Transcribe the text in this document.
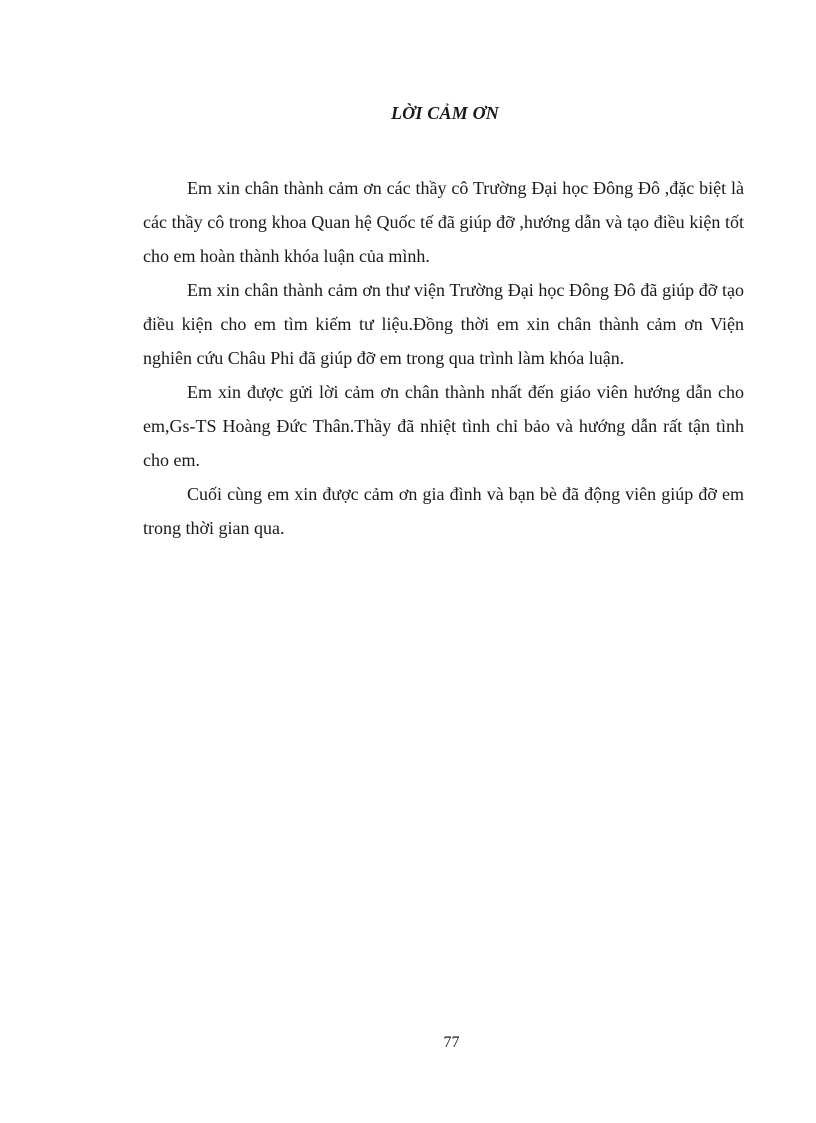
LỜI CẢM ƠN

Em xin chân thành cảm ơn các thầy cô Trường Đại học Đông Đô ,đặc biệt là các thầy cô trong khoa Quan hệ Quốc tế đã giúp đỡ ,hướng dẫn và tạo điều kiện tốt cho em hoàn thành khóa luận của mình.

Em xin chân thành cảm ơn thư viện Trường Đại học Đông Đô đã giúp đỡ tạo điều kiện cho em tìm kiếm tư liệu.Đồng thời em xin chân thành cảm ơn Viện nghiên cứu Châu Phi đã giúp đỡ em trong qua trình làm khóa luận.

Em xin được gửi lời cảm ơn chân thành nhất đến giáo viên hướng dẫn cho em,Gs-TS Hoàng Đức Thân.Thầy đã nhiệt tình chỉ bảo và hướng dẫn rất tận tình cho em.

Cuối cùng em xin được cảm ơn gia đình và bạn bè đã động viên giúp đỡ em trong thời gian qua.

77
